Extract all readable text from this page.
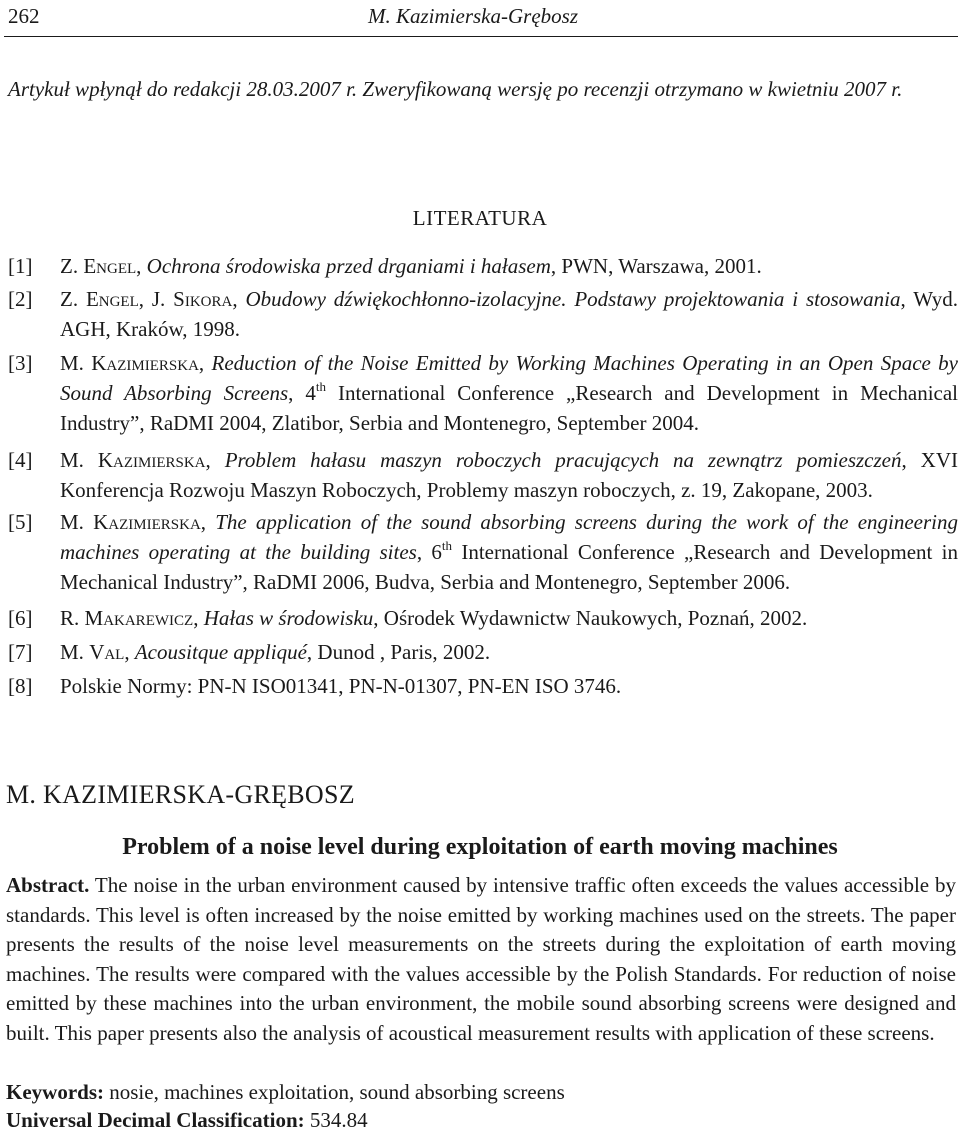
262	M. Kazimierska-Grębosz
Artykuł wpłynął do redakcji 28.03.2007 r. Zweryfikowaną wersję po recenzji otrzymano w kwietniu 2007 r.
LITERATURA
[1] Z. Engel, Ochrona środowiska przed drganiami i hałasem, PWN, Warszawa, 2001.
[2] Z. Engel, J. Sikora, Obudowy dźwiękochłonno-izolacyjne. Podstawy projektowania i stosowania, Wyd. AGH, Kraków, 1998.
[3] M. Kazimierska, Reduction of the Noise Emitted by Working Machines Operating in an Open Space by Sound Absorbing Screens, 4th International Conference „Research and Development in Mechanical Industry”, RaDMI 2004, Zlatibor, Serbia and Montenegro, September 2004.
[4] M. Kazimierska, Problem hałasu maszyn roboczych pracujących na zewnątrz pomieszczeń, XVI Konferencja Rozwoju Maszyn Roboczych, Problemy maszyn roboczych, z. 19, Zakopane, 2003.
[5] M. Kazimierska, The application of the sound absorbing screens during the work of the engineering machines operating at the building sites, 6th International Conference „Research and Development in Mechanical Industry”, RaDMI 2006, Budva, Serbia and Montenegro, September 2006.
[6] R. Makarewicz, Hałas w środowisku, Ośrodek Wydawnictw Naukowych, Poznań, 2002.
[7] M. Val, Acousitque appliqué, Dunod , Paris, 2002.
[8] Polskie Normy: PN-N ISO01341, PN-N-01307, PN-EN ISO 3746.
M. KAZIMIERSKA-GRĘBOSZ
Problem of a noise level during exploitation of earth moving machines
Abstract. The noise in the urban environment caused by intensive traffic often exceeds the values accessible by standards. This level is often increased by the noise emitted by working machines used on the streets. The paper presents the results of the noise level measurements on the streets during the exploitation of earth moving machines. The results were compared with the values accessible by the Polish Standards. For reduction of noise emitted by these machines into the urban environment, the mobile sound absorbing screens were designed and built. This paper presents also the analysis of acoustical measurement results with application of these screens.
Keywords: nosie, machines exploitation, sound absorbing screens
Universal Decimal Classification: 534.84
